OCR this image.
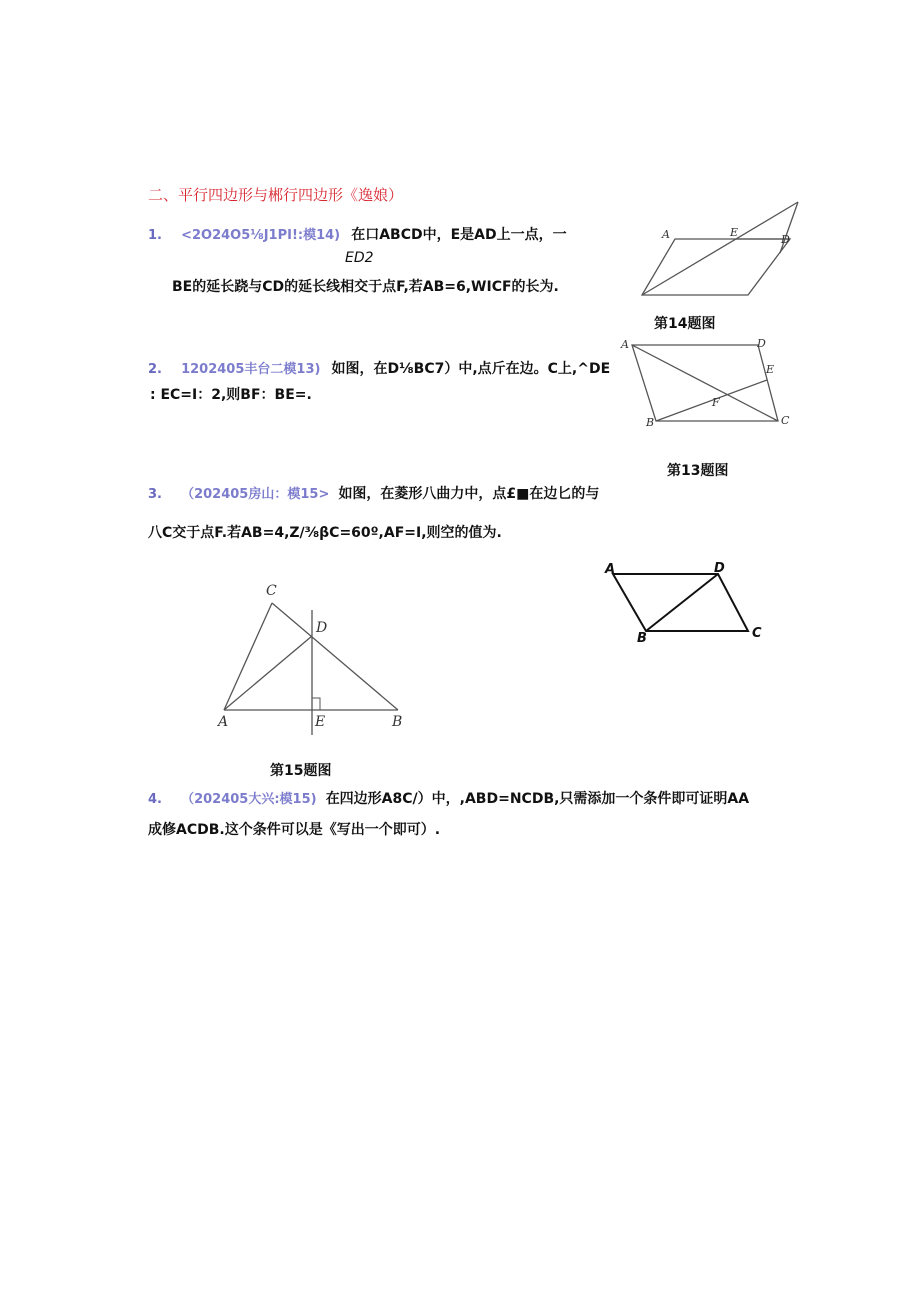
二、平行四边形与郴行四边形《逸娘）
1. <2O24O5⅛J1PI!:模14) 在口ABCD中，E是AD上一点，一
ED2
BE的延长跷与CD的延长线相交于点F,若AB=6,WICF的长为.
A	E
D
第14题图
2. 1202405丰台二模13) 如图，在D⅛BC7）中,点斤在边。C上,^DE
: EC=I：2,则BF：BE=.
A	D
E
F
B	C
第13题图
3. （202405房山：模15> 如图，在菱形八曲力中，点£■在边匕的与
八C交于点F.若AB=4,Z∕⅜βC=60º,AF=I,则空的值为.
C
D
A	E	B
第15题图
A	D
B	C
4. （202405大兴:模15) 在四边形A8C/）中，,ABD=NCDB,只需添加一个条件即可证明AA
成修ACDB.这个条件可以是《写出一个即可）.
